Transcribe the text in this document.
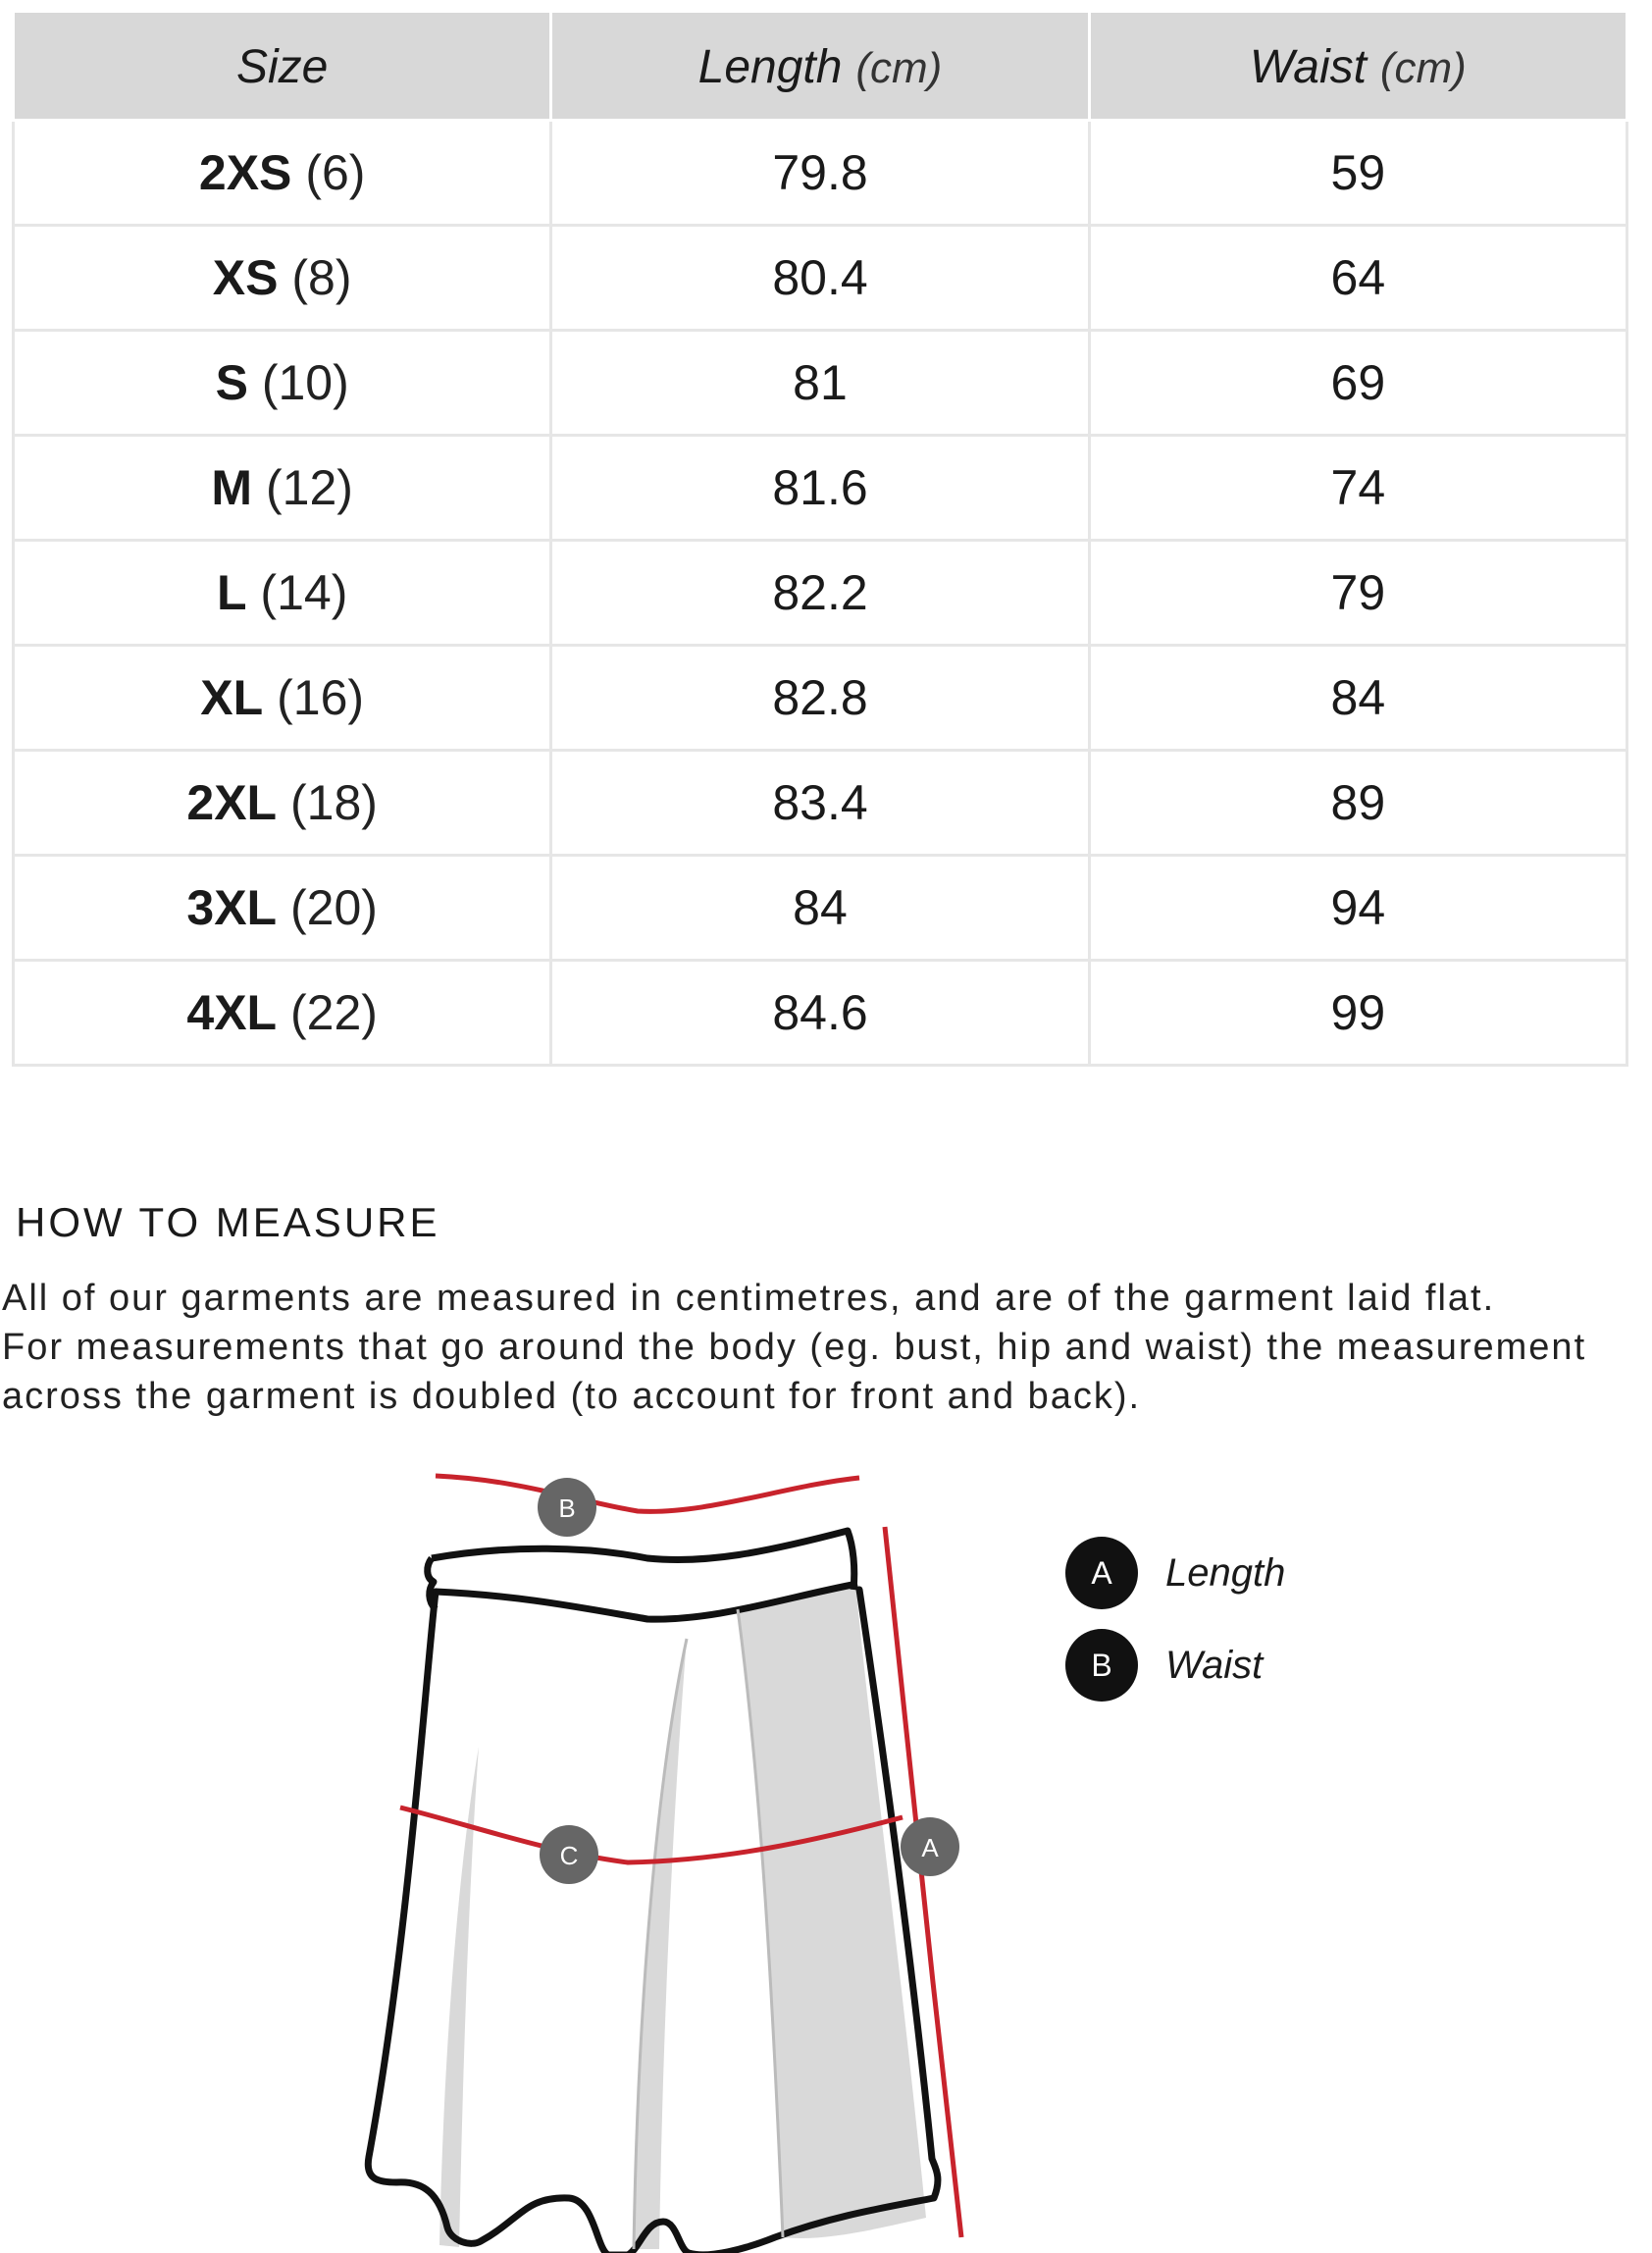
Size	Length (cm)	Waist (cm)
2XS (6)	79.8	59
XS (8)	80.4	64
S (10)	81	69
M (12)	81.6	74
L (14)	82.2	79
XL (16)	82.8	84
2XL (18)	83.4	89
3XL (20)	84	94
4XL (22)	84.6	99
HOW TO MEASURE

All of our garments are measured in centimetres, and are of the garment laid flat.
For measurements that go around the body (eg. bust, hip and waist) the measurement
across the garment is doubled (to account for front and back).

B
C	A
A	Length
B	Waist
